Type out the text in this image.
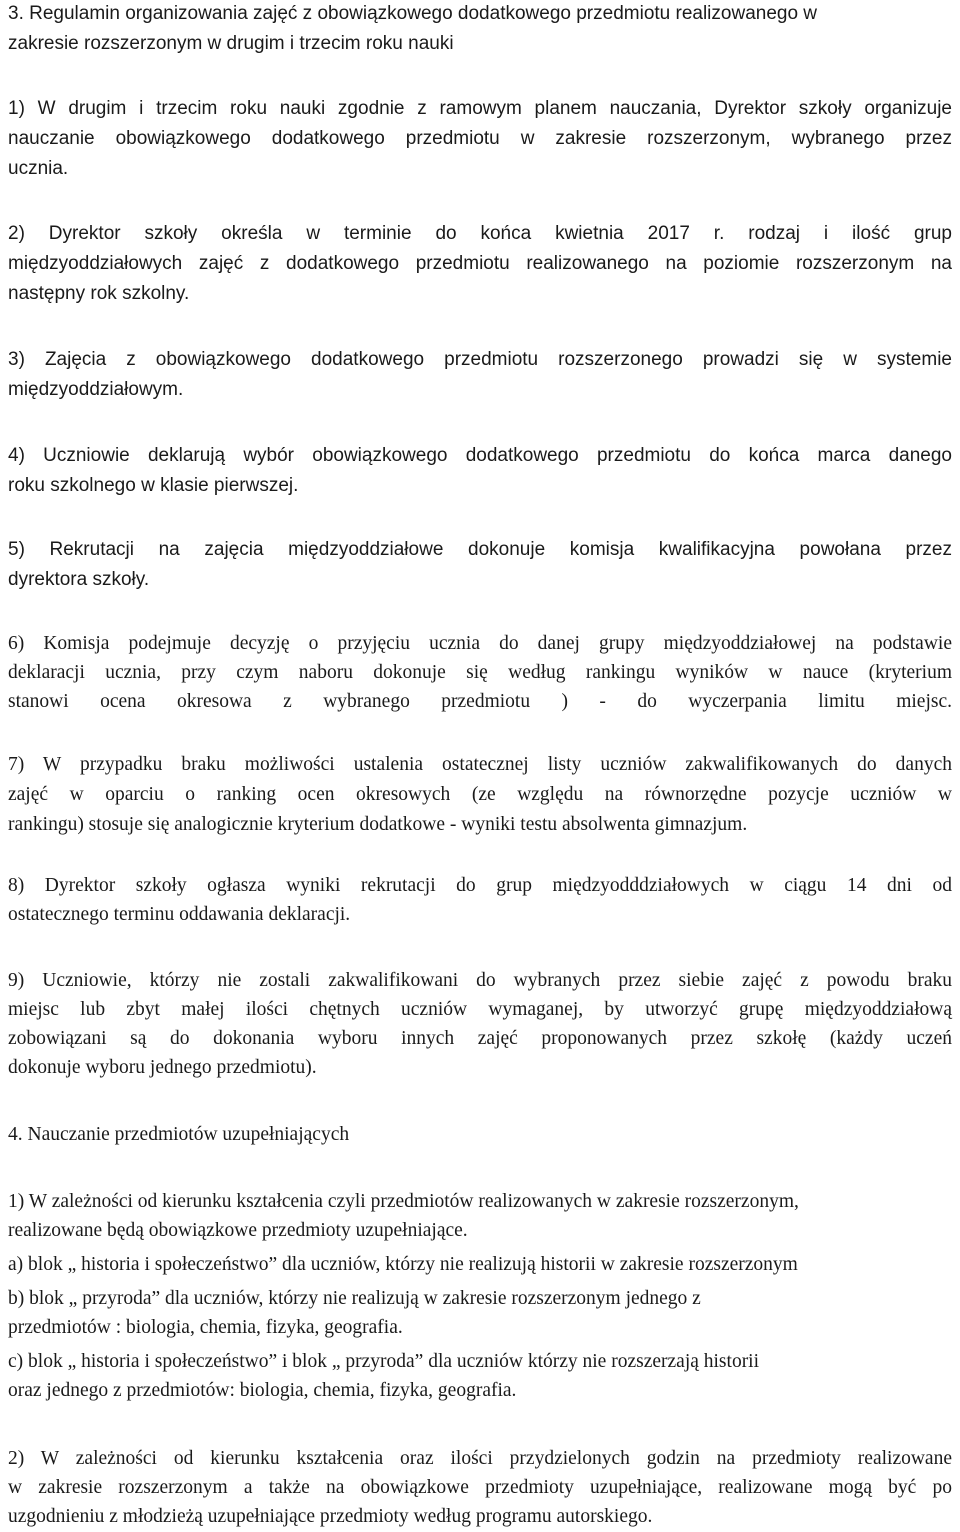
3. Regulamin organizowania zajęć z obowiązkowego dodatkowego przedmiotu realizowanego w
zakresie rozszerzonym w drugim i trzecim roku nauki
1) W drugim i trzecim roku nauki zgodnie z ramowym planem nauczania, Dyrektor szkoły organizuje
nauczanie obowiązkowego dodatkowego przedmiotu w zakresie rozszerzonym, wybranego przez
ucznia.
2) Dyrektor szkoły określa w terminie do końca kwietnia 2017 r. rodzaj i ilość grup
międzyoddziałowych zajęć z dodatkowego przedmiotu realizowanego na poziomie rozszerzonym na
następny rok szkolny.
3) Zajęcia z obowiązkowego dodatkowego przedmiotu rozszerzonego prowadzi się w systemie
międzyoddziałowym.
4) Uczniowie deklarują wybór obowiązkowego dodatkowego przedmiotu do końca marca danego
roku szkolnego w klasie pierwszej.
5) Rekrutacji na zajęcia międzyoddziałowe dokonuje komisja kwalifikacyjna powołana przez
dyrektora szkoły.
6) Komisja podejmuje decyzję o przyjęciu ucznia do danej grupy międzyoddziałowej na podstawie
deklaracji ucznia, przy czym naboru dokonuje się według rankingu wyników w nauce (kryterium
stanowi ocena okresowa z wybranego przedmiotu ) - do wyczerpania limitu miejsc.
7) W przypadku braku możliwości ustalenia ostatecznej listy uczniów zakwalifikowanych do danych
zajęć w oparciu o ranking ocen okresowych (ze względu na równorzędne pozycje uczniów w
rankingu) stosuje się analogicznie kryterium dodatkowe - wyniki testu absolwenta gimnazjum.
8) Dyrektor szkoły ogłasza wyniki rekrutacji do grup międzyodddziałowych w ciągu 14 dni od
ostatecznego terminu oddawania deklaracji.
9) Uczniowie, którzy nie zostali zakwalifikowani do wybranych przez siebie zajęć z powodu braku
miejsc lub zbyt małej ilości chętnych uczniów wymaganej, by utworzyć grupę międzyoddziałową
zobowiązani są do dokonania wyboru innych zajęć proponowanych przez szkołę (każdy uczeń
dokonuje wyboru jednego przedmiotu).
4. Nauczanie przedmiotów uzupełniających
1) W zależności od kierunku kształcenia czyli przedmiotów realizowanych w zakresie rozszerzonym,
realizowane będą obowiązkowe przedmioty uzupełniające.
a) blok „ historia i społeczeństwo” dla uczniów, którzy nie realizują historii w zakresie rozszerzonym
b) blok „ przyroda” dla uczniów, którzy nie realizują w zakresie rozszerzonym jednego z
przedmiotów : biologia, chemia, fizyka, geografia.
c) blok „ historia i społeczeństwo” i blok „ przyroda” dla uczniów którzy nie rozszerzają historii
oraz jednego z przedmiotów: biologia, chemia, fizyka, geografia.
2) W zależności od kierunku kształcenia oraz ilości przydzielonych godzin na przedmioty realizowane
w zakresie rozszerzonym a także na obowiązkowe przedmioty uzupełniające, realizowane mogą być po
uzgodnieniu z młodzieżą uzupełniające przedmioty według programu autorskiego.
